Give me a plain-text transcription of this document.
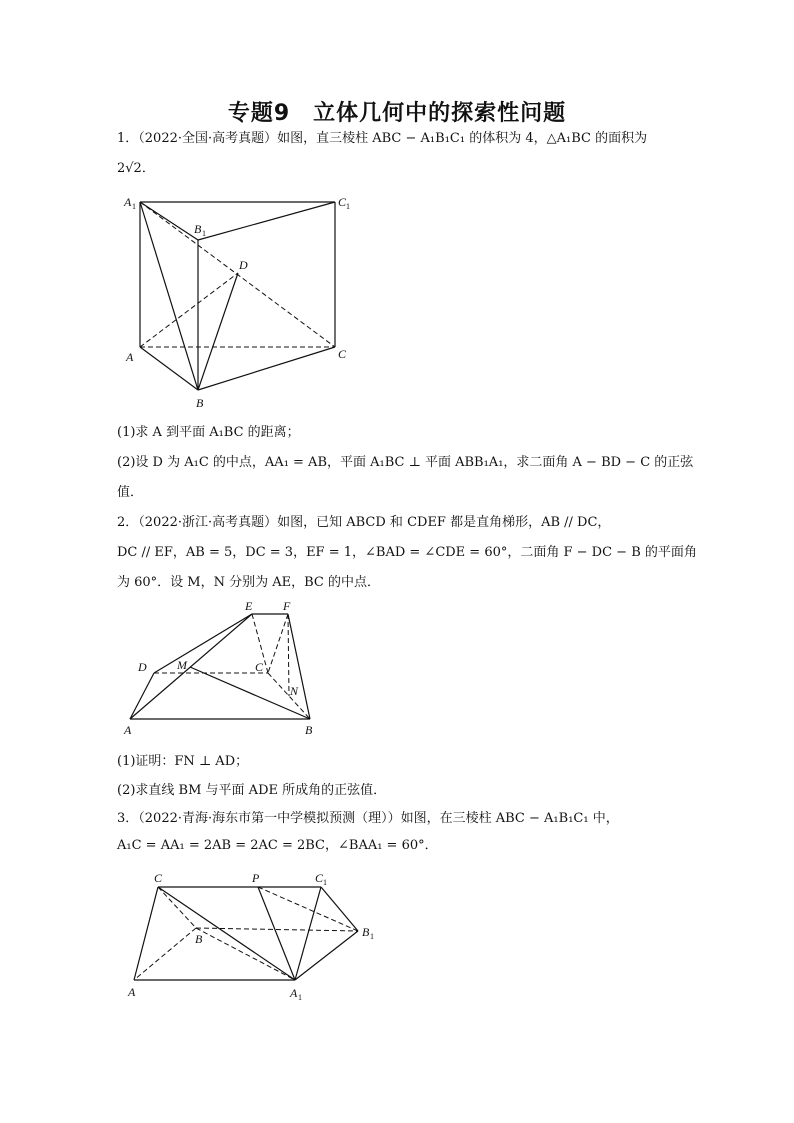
专题9　立体几何中的探索性问题
1．（2022·全国·高考真题）如图，直三棱柱 ABC − A₁B₁C₁ 的体积为 4，△A₁BC 的面积为
2√2．
A 1
B 1
C 1
D
A	C
B
(1)求 A 到平面 A₁BC 的距离；
(2)设 D 为 A₁C 的中点，AA₁ = AB，平面 A₁BC ⊥ 平面 ABB₁A₁，求二面角 A − BD − C 的正弦
值．
2．（2022·浙江·高考真题）如图，已知 ABCD 和 CDEF 都是直角梯形，AB // DC，
DC // EF，AB = 5，DC = 3，EF = 1，∠BAD = ∠CDE = 60°，二面角 F − DC − B 的平面角
为 60°．设 M，N 分别为 AE，BC 的中点．
E	F
D	M	C
N
A	B
(1)证明：FN ⊥ AD；
(2)求直线 BM 与平面 ADE 所成角的正弦值．
3．（2022·青海·海东市第一中学模拟预测（理））如图，在三棱柱 ABC − A₁B₁C₁ 中，
A₁C = AA₁ = 2AB = 2AC = 2BC，∠BAA₁ = 60°．
C	P	C 1
B	B 1
A	A 1
